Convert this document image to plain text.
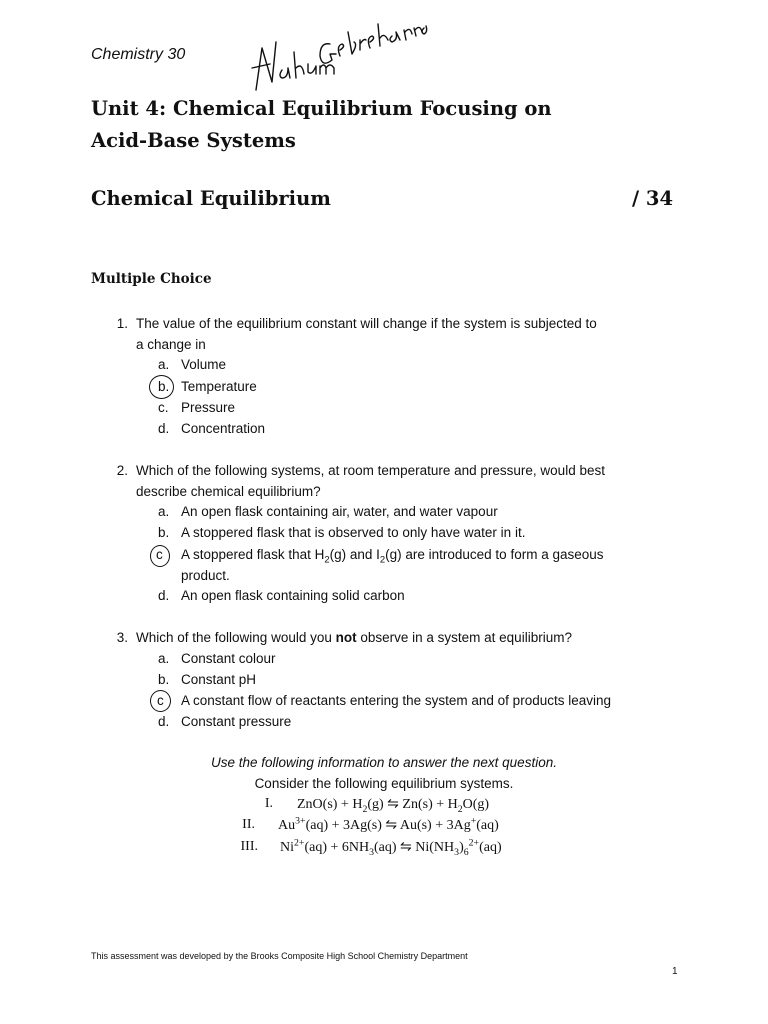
Chemistry 30
Unit 4: Chemical Equilibrium Focusing on
Acid-Base Systems
Chemical Equilibrium	/ 34
Multiple Choice
1. The value of the equilibrium constant will change if the system is subjected to
a change in
a. Volume
b. Temperature
c. Pressure
d. Concentration
2. Which of the following systems, at room temperature and pressure, would best
describe chemical equilibrium?
a. An open flask containing air, water, and water vapour
b. A stoppered flask that is observed to only have water in it.
c A stoppered flask that $H_2(g)$ and $I_2(g)$ are introduced to form a gaseous
product.
d. An open flask containing solid carbon
3. Which of the following would you not observe in a system at equilibrium?
a. Constant colour
b. Constant pH
c A constant flow of reactants entering the system and of products leaving
d. Constant pressure
Use the following information to answer the next question.
Consider the following equilibrium systems.
I. $ZnO(s) + H_2(g)$ ⇋ $Zn(s) + H_2O(g)$
II. $Au^{3+}(aq) + 3Ag(s)$ ⇋ Au(s) + 3Ag+(aq)
III. $Ni^{2+}(aq) + 6NH_3(aq)$ ⇋ $Ni(NH_3)_6^{2+}(aq)$
This assessment was developed by the Brooks Composite High School Chemistry Department
1
